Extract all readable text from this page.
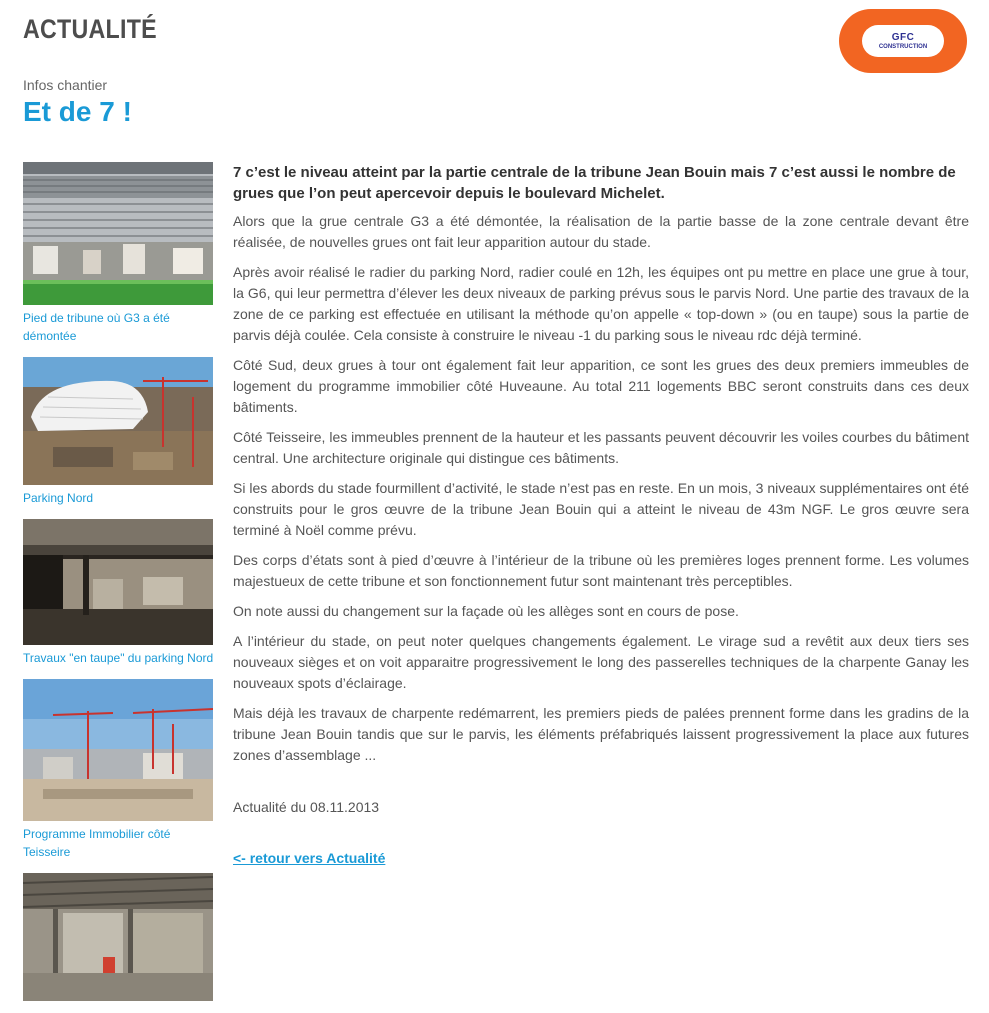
ACTUALITÉ	GFC
CONSTRUCTION
Infos chantier
Et de 7 !
Pied de tribune où G3 a été démontée
Parking Nord
Travaux "en taupe" du parking Nord
Programme Immobilier côté Teisseire

7 c’est le niveau atteint par la partie centrale de la tribune Jean Bouin mais 7 c’est aussi le nombre de grues que l’on peut apercevoir depuis le boulevard Michelet.

Alors que la grue centrale G3 a été démontée, la réalisation de la partie basse de la zone centrale devant être réalisée, de nouvelles grues ont fait leur apparition autour du stade.

Après avoir réalisé le radier du parking Nord, radier coulé en 12h, les équipes ont pu mettre en place une grue à tour, la G6, qui leur permettra d’élever les deux niveaux de parking prévus sous le parvis Nord. Une partie des travaux de la zone de ce parking est effectuée en utilisant la méthode qu’on appelle « top-down » (ou en taupe) sous la partie de parvis déjà coulée. Cela consiste à construire le niveau -1 du parking sous le niveau rdc déjà terminé.

Côté Sud, deux grues à tour ont également fait leur apparition, ce sont les grues des deux premiers immeubles de logement du programme immobilier côté Huveaune. Au total 211 logements BBC seront construits dans ces deux bâtiments.

Côté Teisseire, les immeubles prennent de la hauteur et les passants peuvent découvrir les voiles courbes du bâtiment central. Une architecture originale qui distingue ces bâtiments.

Si les abords du stade fourmillent d’activité, le stade n’est pas en reste. En un mois, 3 niveaux supplémentaires ont été construits pour le gros œuvre de la tribune Jean Bouin qui a atteint le niveau de 43m NGF. Le gros œuvre sera terminé à Noël comme prévu.

Des corps d’états sont à pied d’œuvre à l’intérieur de la tribune où les premières loges prennent forme. Les volumes majestueux de cette tribune et son fonctionnement futur sont maintenant très perceptibles.

On note aussi du changement sur la façade où les allèges sont en cours de pose.

A l’intérieur du stade, on peut noter quelques changements également. Le virage sud a revêtit aux deux tiers ses nouveaux sièges et on voit apparaitre progressivement le long des passerelles techniques de la charpente Ganay les nouveaux spots d’éclairage.

Mais déjà les travaux de charpente redémarrent, les premiers pieds de palées prennent forme dans les gradins de la tribune Jean Bouin tandis que sur le parvis, les éléments préfabriqués laissent progressivement la place aux futures zones d’assemblage ...

Actualité du 08.11.2013
<- retour vers Actualité
